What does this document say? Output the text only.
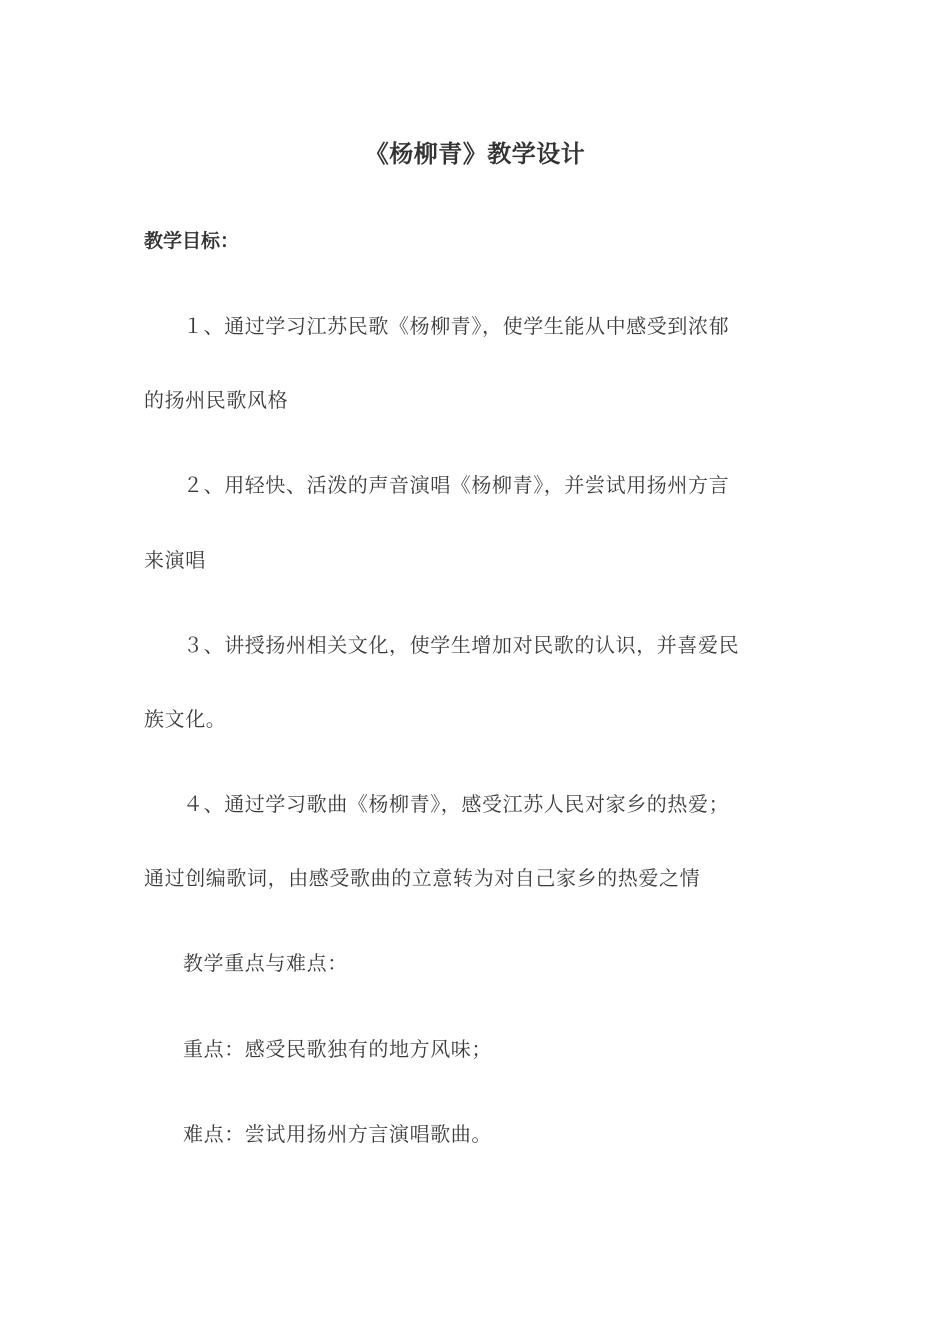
《杨柳青》教学设计
教学目标：
１、通过学习江苏民歌《杨柳青》，使学生能从中感受到浓郁
的扬州民歌风格
２、用轻快、活泼的声音演唱《杨柳青》，并尝试用扬州方言
来演唱
３、讲授扬州相关文化，使学生增加对民歌的认识，并喜爱民
族文化。
４、通过学习歌曲《杨柳青》，感受江苏人民对家乡的热爱；
通过创编歌词，由感受歌曲的立意转为对自己家乡的热爱之情
教学重点与难点：
重点：感受民歌独有的地方风味；
难点：尝试用扬州方言演唱歌曲。
